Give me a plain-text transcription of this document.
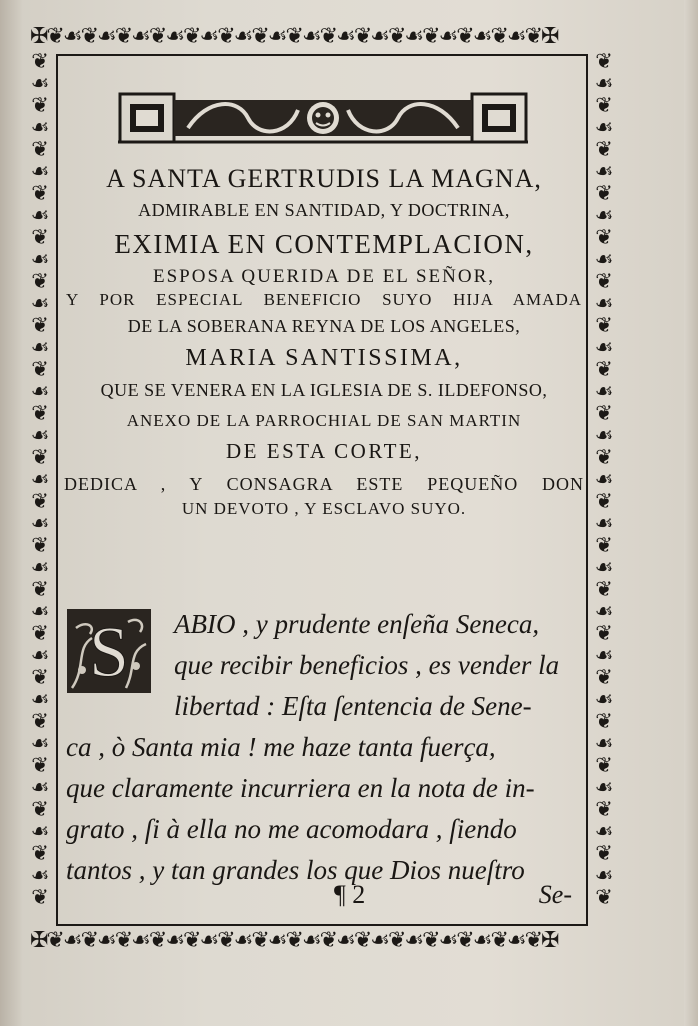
✠❦☙❦☙❦☙❦☙❦☙❦☙❦☙❦☙❦☙❦☙❦☙❦☙❦☙❦☙❦✠
✠❦☙❦☙❦☙❦☙❦☙❦☙❦☙❦☙❦☙❦☙❦☙❦☙❦☙❦☙❦✠
❦☙❦☙❦☙❦☙❦☙❦☙❦☙❦☙❦☙❦☙❦☙❦☙❦☙❦☙❦☙❦☙❦☙❦☙❦☙❦
❦☙❦☙❦☙❦☙❦☙❦☙❦☙❦☙❦☙❦☙❦☙❦☙❦☙❦☙❦☙❦☙❦☙❦☙❦☙❦
A SANTA GERTRUDIS LA MAGNA,
ADMIRABLE EN SANTIDAD, Y DOCTRINA,
EXIMIA EN CONTEMPLACION,
ESPOSA QUERIDA DE EL SEÑOR,
Y POR ESPECIAL BENEFICIO SUYO HIJA AMADA
DE LA SOBERANA REYNA DE LOS ANGELES,
MARIA SANTISSIMA,
QUE SE VENERA EN LA IGLESIA DE S. ILDEFONSO,
ANEXO DE LA PARROCHIAL DE SAN MARTIN
DE ESTA CORTE,
DEDICA , Y CONSAGRA ESTE PEQUEÑO DON
UN DEVOTO , Y ESCLAVO SUYO.
S	ABIO , y prudente enſeña Seneca,
que recibir beneficios , es vender la
libertad : Eſta ſentencia de Sene-
ca , ò Santa mia ! me haze tanta fuerça,
que claramente incurriera en la nota de in-
grato , ſi à ella no me acomodara , ſiendo
tantos , y tan grandes los que Dios nueſtro
¶ 2	Se-
